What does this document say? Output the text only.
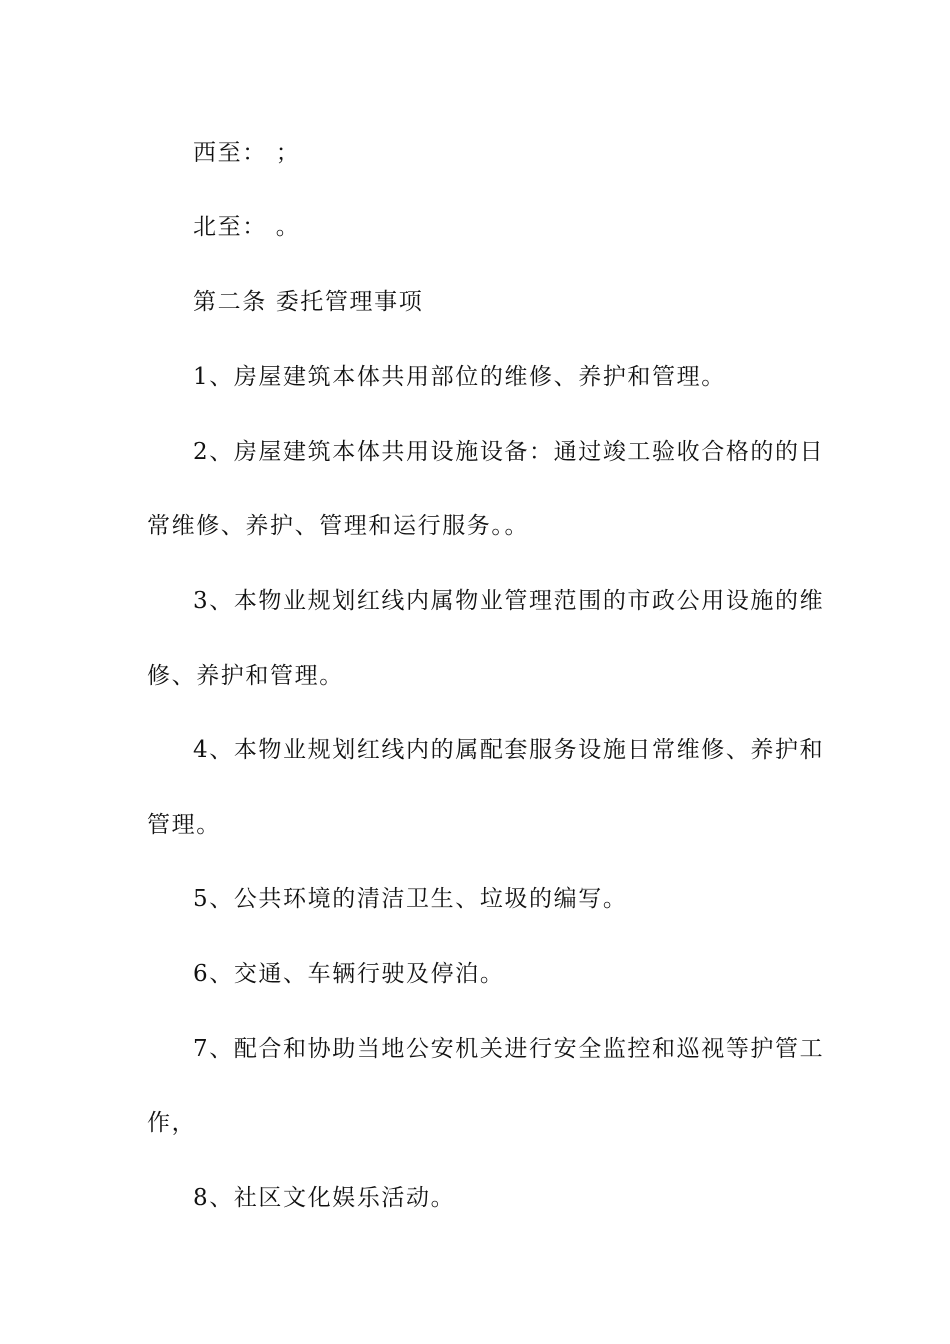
西至： ；
北至： 。
第二条 委托管理事项
1、房屋建筑本体共用部位的维修、养护和管理。
2、房屋建筑本体共用设施设备：通过竣工验收合格的的日
常维修、养护、管理和运行服务。。
3、本物业规划红线内属物业管理范围的市政公用设施的维
修、养护和管理。
4、本物业规划红线内的属配套服务设施日常维修、养护和
管理。
5、公共环境的清洁卫生、垃圾的编写。
6、交通、车辆行驶及停泊。
7、配合和协助当地公安机关进行安全监控和巡视等护管工
作，
8、社区文化娱乐活动。
